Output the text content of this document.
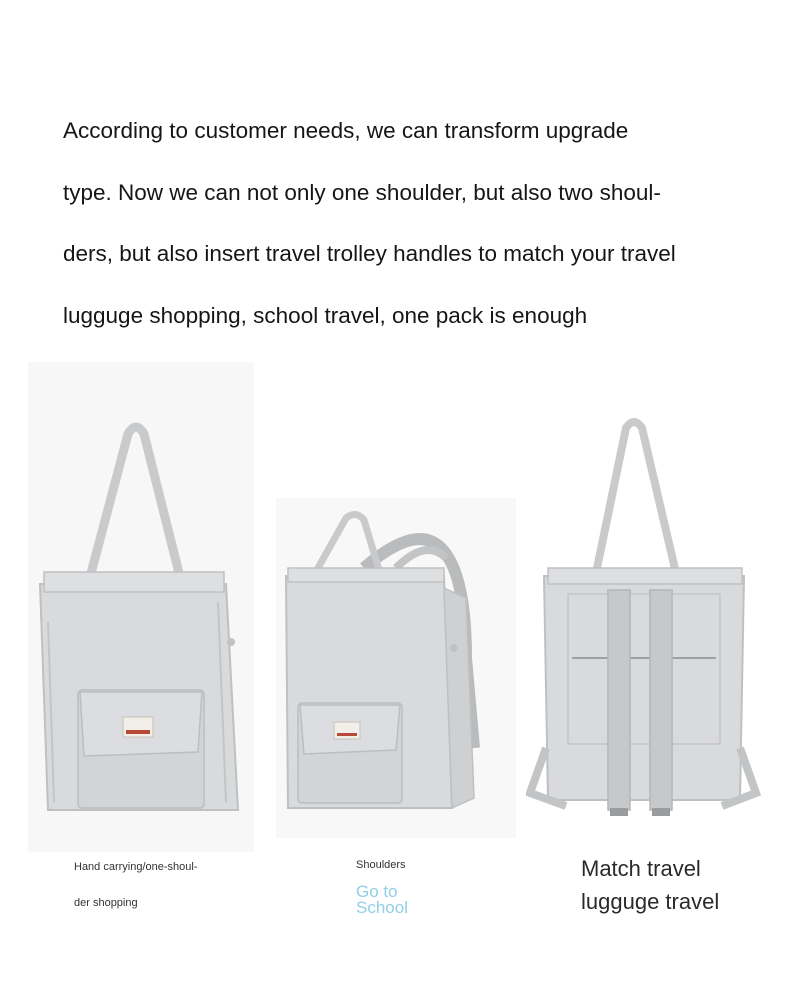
According to customer needs, we can transform upgrade
type. Now we can not only one shoulder, but also two shoul-
ders, but also insert travel trolley handles to match your travel
lugguge shopping, school travel, one pack is enough

Hand carrying/one-shoul-
der shopping
Shoulders
Go to
School
Match travel
lugguge travel
